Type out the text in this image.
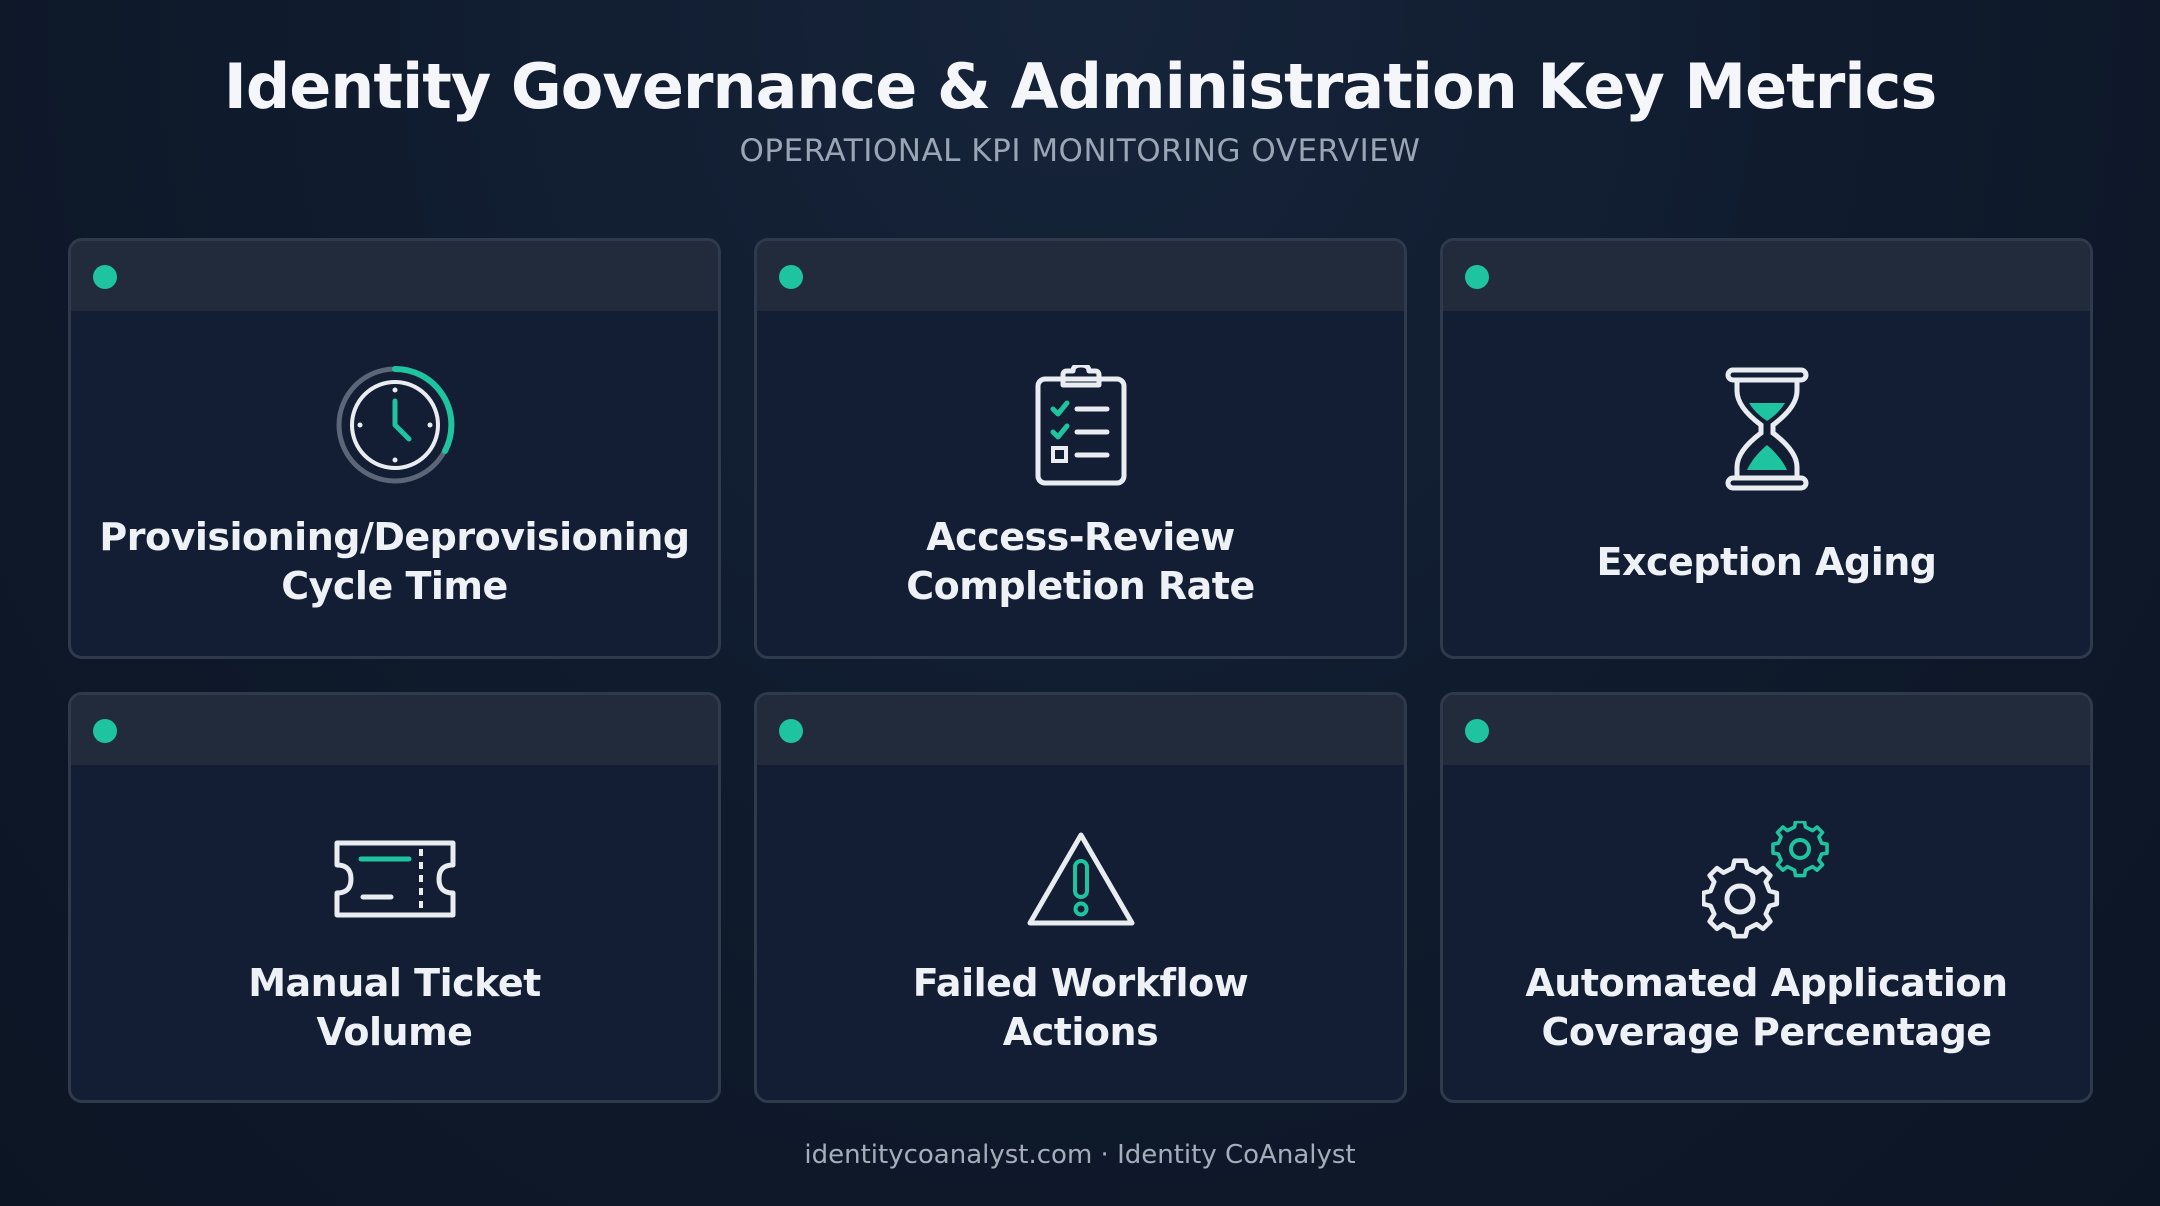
Identity Governance & Administration Key Metrics
OPERATIONAL KPI MONITORING OVERVIEW
Provisioning/Deprovisioning
Cycle Time
Access-Review
Completion Rate
Exception Aging
Manual Ticket
Volume
Failed Workflow
Actions
Automated Application
Coverage Percentage
identitycoanalyst.com · Identity CoAnalyst
